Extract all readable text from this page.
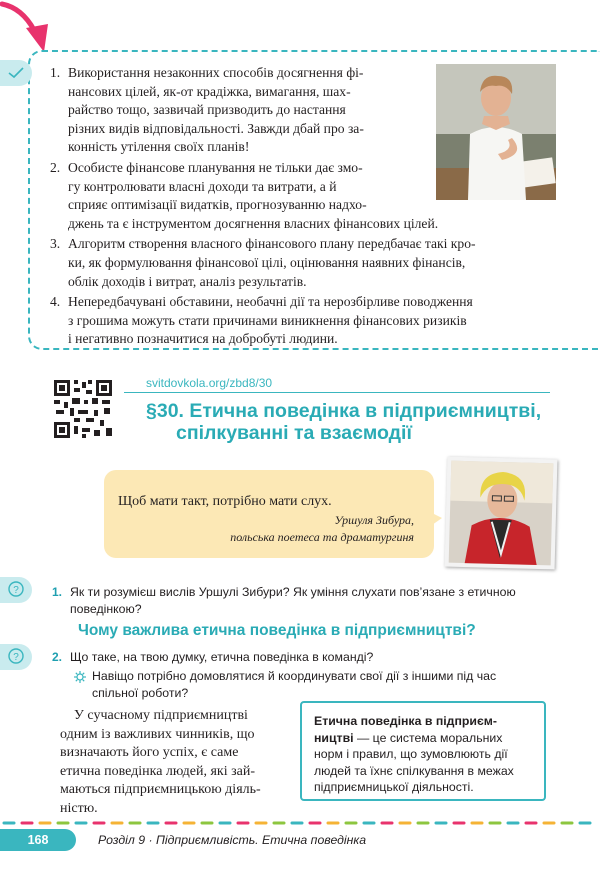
1. Використання незаконних способів досягнення фі-
нансових цілей, як-от крадіжка, вимагання, шах-
райство тощо, зазвичай призводить до настання
різних видів відповідальності. Завжди дбай про за-
конність утілення своїх планів!
2. Особисте фінансове планування не тільки дає змо-
гу контролювати власні доходи та витрати, а й
сприяє оптимізації видатків, прогнозуванню надхо-
джень та є інструментом досягнення власних фінансових цілей.
3. Алгоритм створення власного фінансового плану передбачає такі кро-
ки, як формулювання фінансової цілі, оцінювання наявних фінансів,
облік доходів і витрат, аналіз результатів.
4. Непередбачувані обставини, необачні дії та нерозбірливе поводження
з грошима можуть стати причинами виникнення фінансових ризиків
і негативно позначитися на добробуті людини.
svitdovkola.org/zbd8/30
§30. Етична поведінка в підприємництві,
спілкуванні та взаємодії
Щоб мати такт, потрібно мати слух.
Уршуля Зибура,
польська поетеса та драматургиня
?	1. Як ти розумієш вислів Уршулі Зибури? Як уміння слухати пов’язане з етичною
поведінкою?
Чому важлива етична поведінка в підприємництві?
?	2. Що таке, на твою думку, етична поведінка в команді?
Навіщо потрібно домовлятися й координувати свої дії з іншими під час
спільної роботи?
У сучасному підприємництві
одним із важливих чинників, що
визначають його успіх, є саме
етична поведінка людей, які зай-
маються підприємницькою діяль-
ністю.
Етична поведінка в підприєм-
ництві — це система моральних
норм і правил, що зумовлюють дії
людей та їхнє спілкування в межах
підприємницької діяльності.
168	Розділ 9 · Підприємливість. Етична поведінка
